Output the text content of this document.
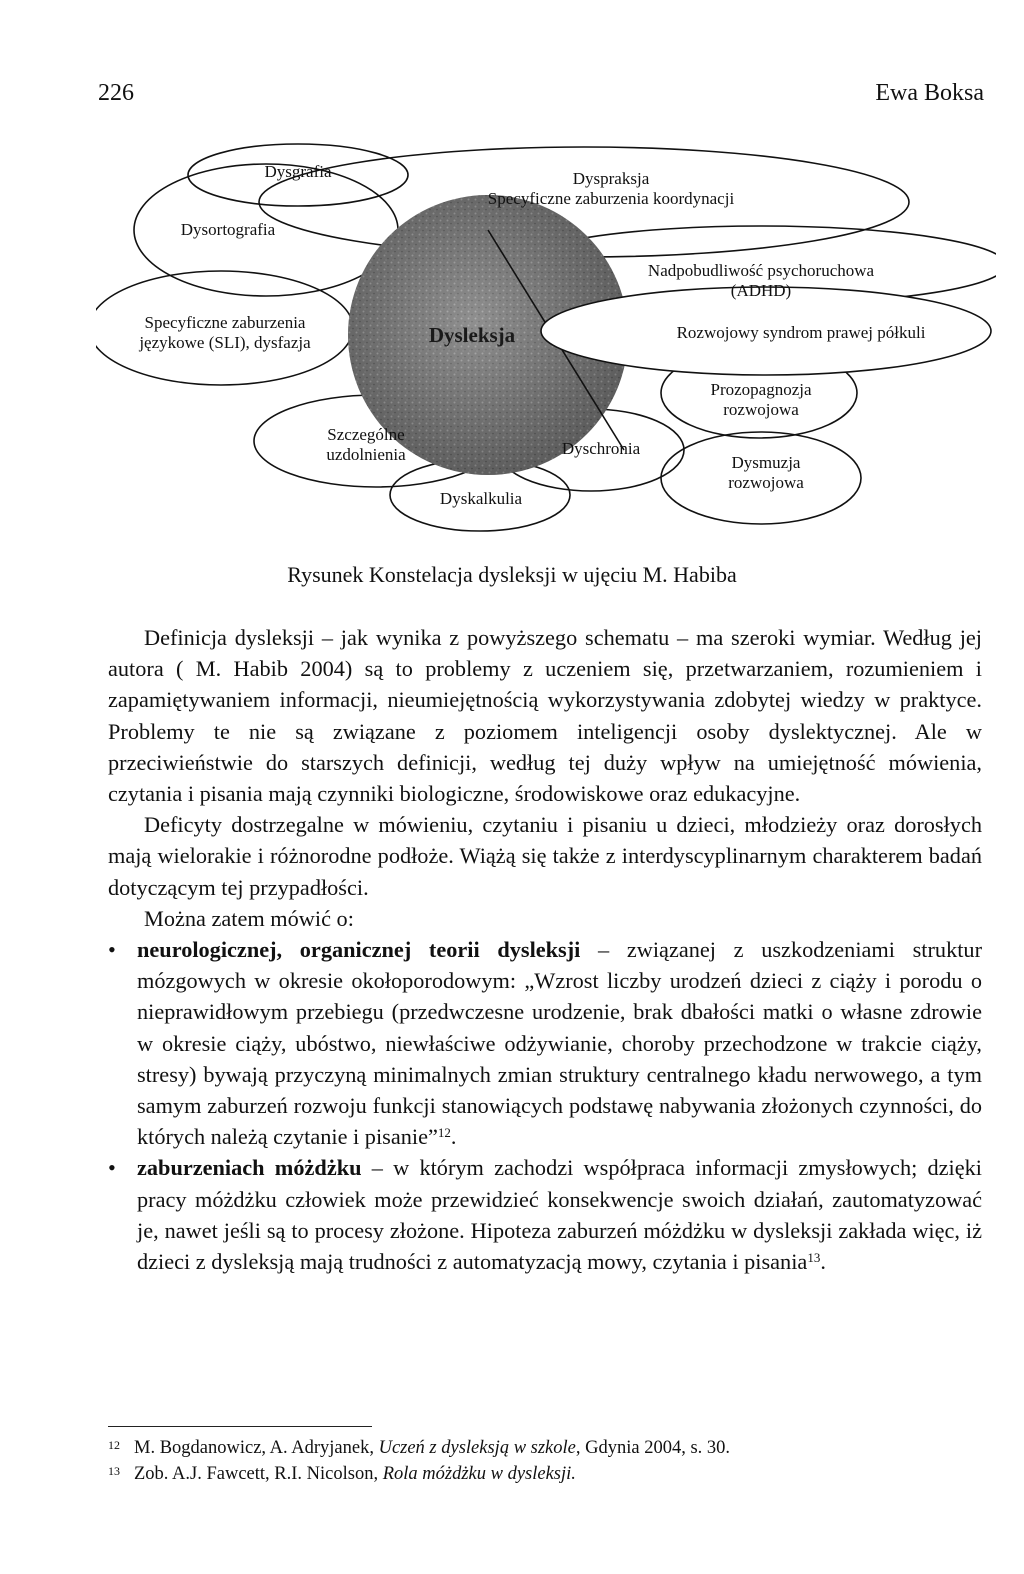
226	Ewa Boksa
Dysgrafia	Dyspraksja
Specyficzne zaburzenia koordynacji
Dysortografia
Specyficzne zaburzenia
językowe (SLI), dysfazja	Dysleksja
Nadpobudliwość psychoruchowa
(ADHD)
Rozwojowy syndrom prawej półkuli
Prozopagnozja
rozwojowa
Szczególne
uzdolnienia	Dyschronia
Dysmuzja
rozwojowa
Dyskalkulia
Rysunek Konstelacja dysleksji w ujęciu M. Habiba

Definicja dysleksji – jak wynika z powyższego schematu – ma szeroki wymiar. Według jej autora ( M. Habib 2004) są to problemy z uczeniem się, przetwarzaniem, rozumieniem i zapamiętywaniem informacji, nieumiejętnością wykorzystywania zdobytej wiedzy w praktyce. Problemy te nie są związane z poziomem inteligencji osoby dyslektycznej. Ale w przeciwieństwie do starszych definicji, według tej duży wpływ na umiejętność mówienia, czytania i pisania mają czynniki biologiczne, środowiskowe oraz edukacyjne.

Deficyty dostrzegalne w mówieniu, czytaniu i pisaniu u dzieci, młodzieży oraz dorosłych mają wielorakie i różnorodne podłoże. Wiążą się także z interdyscyplinarnym charakterem badań dotyczącym tej przypadłości.

Można zatem mówić o:

• neurologicznej, organicznej teorii dysleksji – związanej z uszkodzeniami struktur mózgowych w okresie okołoporodowym: „Wzrost liczby urodzeń dzieci z ciąży i porodu o nieprawidłowym przebiegu (przedwczesne urodzenie, brak dbałości matki o własne zdrowie w okresie ciąży, ubóstwo, niewłaściwe odżywianie, choroby przechodzone w trakcie ciąży, stresy) bywają przyczyną minimalnych zmian struktury centralnego kładu nerwowego, a tym samym zaburzeń rozwoju funkcji stanowiących podstawę nabywania złożonych czynności, do których należą czytanie i pisanie”$^{12}$.
• zaburzeniach móżdżku – w którym zachodzi współpraca informacji zmysłowych; dzięki pracy móżdżku człowiek może przewidzieć konsekwencje swoich działań, zautomatyzować je, nawet jeśli są to procesy złożone. Hipoteza zaburzeń móżdżku w dysleksji zakłada więc, iż dzieci z dysleksją mają trudności z automatyzacją mowy, czytania i pisania$^{13}$.
12 M. Bogdanowicz, A. Adryjanek, Uczeń z dysleksją w szkole, Gdynia 2004, s. 30.
13 Zob. A.J. Fawcett, R.I. Nicolson, Rola móżdżku w dysleksji.
